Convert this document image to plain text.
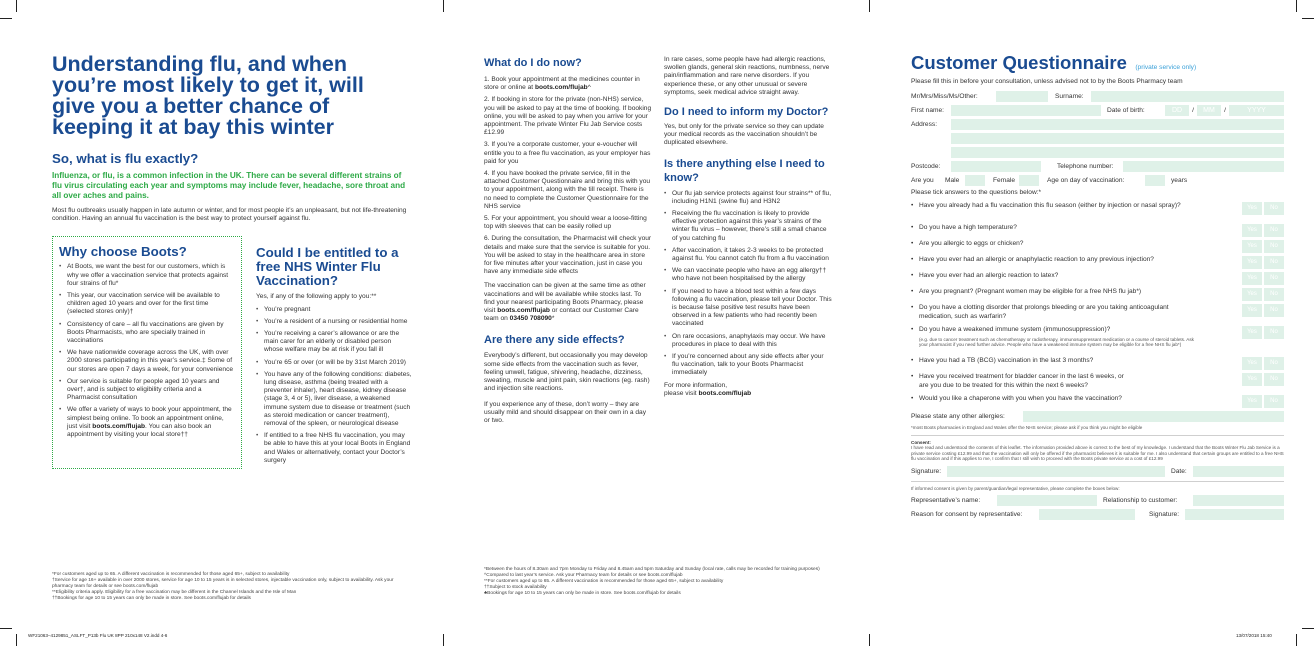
Understanding flu, and when you’re most likely to get it, will give you a better chance of keeping it at bay this winter
So, what is flu exactly?
Influenza, or flu, is a common infection in the UK. There can be several different strains of flu virus circulating each year and symptoms may include fever, headache, sore throat and all over aches and pains.

Most flu outbreaks usually happen in late autumn or winter, and for most people it’s an unpleasant, but not life-threatening condition. Having an annual flu vaccination is the best way to protect yourself against flu.

Why choose Boots?
• At Boots, we want the best for our customers, which is why we offer a vaccination service that protects against four strains of flu*
• This year, our vaccination service will be available to children aged 10 years and over for the first time (selected stores only)†
• Consistency of care – all flu vaccinations are given by Boots Pharmacists, who are specially trained in vaccinations
• We have nationwide coverage across the UK, with over 2000 stores participating in this year’s service.‡ Some of our stores are open 7 days a week, for your convenience
• Our service is suitable for people aged 10 years and over†, and is subject to eligibility criteria and a Pharmacist consultation
• We offer a variety of ways to book your appointment, the simplest being online. To book an appointment online, just visit boots.com/flujab. You can also book an appointment by visiting your local store††
Could I be entitled to a free NHS Winter Flu Vaccination?

Yes, if any of the following apply to you:**

• You’re pregnant
• You’re a resident of a nursing or residential home
• You’re receiving a carer’s allowance or are the main carer for an elderly or disabled person whose welfare may be at risk if you fall ill
• You’re 65 or over (or will be by 31st March 2019)
• You have any of the following conditions: diabetes, lung disease, asthma (being treated with a preventer inhaler), heart disease, kidney disease (stage 3, 4 or 5), liver disease, a weakened immune system due to disease or treatment (such as steroid medication or cancer treatment), removal of the spleen, or neurological disease
• If entitled to a free NHS flu vaccination, you may be able to have this at your local Boots in England and Wales or alternatively, contact your Doctor’s surgery
*For customers aged up to 65. A different vaccination is recommended for those aged 65+, subject to availability
†Service for age 16+ available in over 2000 stores, service for age 10 to 15 years is in selected stores, injectable vaccination only, subject to availability. Ask your pharmacy team for details or see boots.com/flujab
**Eligibility criteria apply. Eligibility for a free vaccination may be different in the Channel Islands and the Isle of Man
††Bookings for age 10 to 15 years can only be made in store. See boots.com/flujab for details
WF21063–4129851_ASLFT_P13b Flu UK 8PP 210x148 V2.indd 4-6
What do I do now?
1. Book your appointment at the medicines counter in store or online at boots.com/flujab^
2. If booking in store for the private (non-NHS) service, you will be asked to pay at the time of booking. If booking online, you will be asked to pay when you arrive for your appointment. The private Winter Flu Jab Service costs £12.99
3. If you’re a corporate customer, your e-voucher will entitle you to a free flu vaccination, as your employer has paid for you
4. If you have booked the private service, fill in the attached Customer Questionnaire and bring this with you to your appointment, along with the till receipt. There is no need to complete the Customer Questionnaire for the NHS service
5. For your appointment, you should wear a loose-fitting top with sleeves that can be easily rolled up
6. During the consultation, the Pharmacist will check your details and make sure that the service is suitable for you. You will be asked to stay in the healthcare area in store for five minutes after your vaccination, just in case you have any immediate side effects

The vaccination can be given at the same time as other vaccinations and will be available while stocks last. To find your nearest participating Boots Pharmacy, please visit boots.com/flujab or contact our Customer Care team on 03450 708090*

Are there any side effects?

Everybody’s different, but occasionally you may develop some side effects from the vaccination such as fever, feeling unwell, fatigue, shivering, headache, dizziness, sweating, muscle and joint pain, skin reactions (eg. rash) and injection site reactions.

If you experience any of these, don’t worry – they are usually mild and should disappear on their own in a day or two.

In rare cases, some people have had allergic reactions, swollen glands, general skin reactions, numbness, nerve pain/inflammation and rare nerve disorders. If you experience these, or any other unusual or severe symptoms, seek medical advice straight away.

Do I need to inform my Doctor?

Yes, but only for the private service so they can update your medical records as the vaccination shouldn’t be duplicated elsewhere.

Is there anything else I need to know?
• Our flu jab service protects against four strains** of flu, including H1N1 (swine flu) and H3N2
• Receiving the flu vaccination is likely to provide effective protection against this year’s strains of the winter flu virus – however, there’s still a small chance of you catching flu
• After vaccination, it takes 2-3 weeks to be protected against flu. You cannot catch flu from a flu vaccination
• We can vaccinate people who have an egg allergy†† who have not been hospitalised by the allergy
• If you need to have a blood test within a few days following a flu vaccination, please tell your Doctor. This is because false positive test results have been observed in a few patients who had recently been vaccinated
• On rare occasions, anaphylaxis may occur. We have procedures in place to deal with this
• If you’re concerned about any side effects after your flu vaccination, talk to your Boots Pharmacist immediately

For more information,

please visit boots.com/flujab

*Between the hours of 8.30am and 7pm Monday to Friday and 8.45am and 5pm Saturday and Sunday (local rate, calls may be recorded for training purposes)
^Compared to last year’s service. Ask your Pharmacy team for details or see boots.com/flujab
**For customers aged up to 65. A different vaccination is recommended for those aged 65+, subject to availability
††Subject to stock availability
♣Bookings for age 10 to 15 years can only be made in store. See boots.com/flujab for details
Customer Questionnaire (private service only)

Please fill this in before your consultation, unless advised not to by the Boots Pharmacy team

Mr/Mrs/Miss/Ms/Other:	Surname:
First name:	Date of birth:	DD	/	MM	/	YYYY
Address:
Postcode:	Telephone number:
Are you Male	Female	Age on day of vaccination:	years

Please tick answers to the questions below:*

• Have you already had a flu vaccination this flu season (either by injection or nasal spray)?	Yes	No
• Do you have a high temperature?	Yes	No
• Are you allergic to eggs or chicken?	Yes	No
• Have you ever had an allergic or anaphylactic reaction to any previous injection?	Yes	No
• Have you ever had an allergic reaction to latex?	Yes	No
• Are you pregnant? (Pregnant women may be eligible for a free NHS flu jab*)	Yes	No
• Do you have a clotting disorder that prolongs bleeding or are you taking anticoagulant medication, such as warfarin?
Yes	No
• Do you have a weakened immune system (immunosuppression)?
(e.g. due to cancer treatment such as chemotherapy or radiotherapy, immunosuppressant medication or a course of steroid tablets. Ask your pharmacist if you need further advice. People who have a weakened immune system may be eligible for a free NHS flu jab*)
Yes	No
• Have you had a TB (BCG) vaccination in the last 3 months?	Yes	No
• Have you received treatment for bladder cancer in the last 6 weeks, or are you due to be treated for this within the next 6 weeks?
Yes	No
• Would you like a chaperone with you when you have the vaccination?	Yes	No
Please state any other allergies:
*most Boots pharmacies in England and Wales offer the NHS service; please ask if you think you might be eligible
Consent:
I have read and understood the contents of this leaflet. The information provided above is correct to the best of my knowledge. I understand that the Boots Winter Flu Jab Service is a private service costing £12.99 and that the vaccination will only be offered if the pharmacist believes it is suitable for me. I also understand that certain groups are entitled to a free NHS flu vaccination and if this applies to me, I confirm that I still wish to proceed with the Boots private service at a cost of £12.99
Signature:	Date:
If informed consent is given by parent/guardian/legal representative, please complete the boxes below:
Representative’s name:	Relationship to customer:
Reason for consent by representative:	Signature:
13/07/2018 15:40
